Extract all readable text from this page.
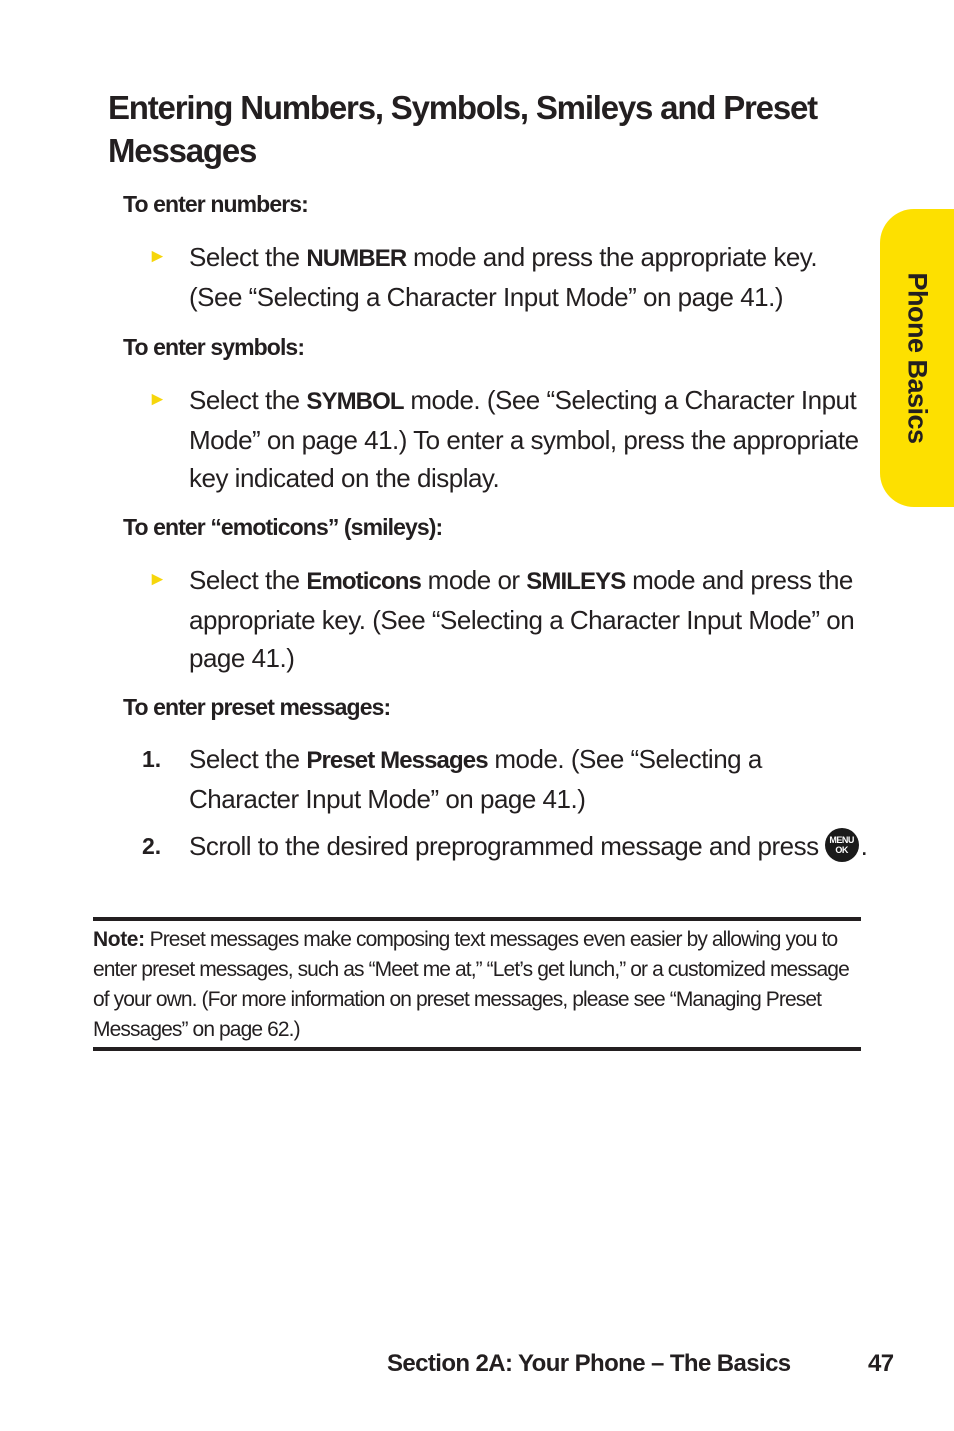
Entering Numbers, Symbols, Smileys and Preset Messages
To enter numbers:
► Select the NUMBER mode and press the appropriate key. (See “Selecting a Character Input Mode” on page 41.)
To enter symbols:
► Select the SYMBOL mode. (See “Selecting a Character Input Mode” on page 41.) To enter a symbol, press the appropriate key indicated on the display.
To enter “emoticons” (smileys):
► Select the Emoticons mode or SMILEYS mode and press the appropriate key. (See “Selecting a Character Input Mode” on page 41.)
To enter preset messages:
1. Select the Preset Messages mode. (See “Selecting a Character Input Mode” on page 41.)
2. Scroll to the desired preprogrammed message and press MENU
OK .

Note: Preset messages make composing text messages even easier by allowing you to enter preset messages, such as “Meet me at,” “Let’s get lunch,” or a customized message of your own. (For more information on preset messages, please see “Managing Preset Messages” on page 62.)

Phone Basics
Section 2A: Your Phone – The Basics	47
